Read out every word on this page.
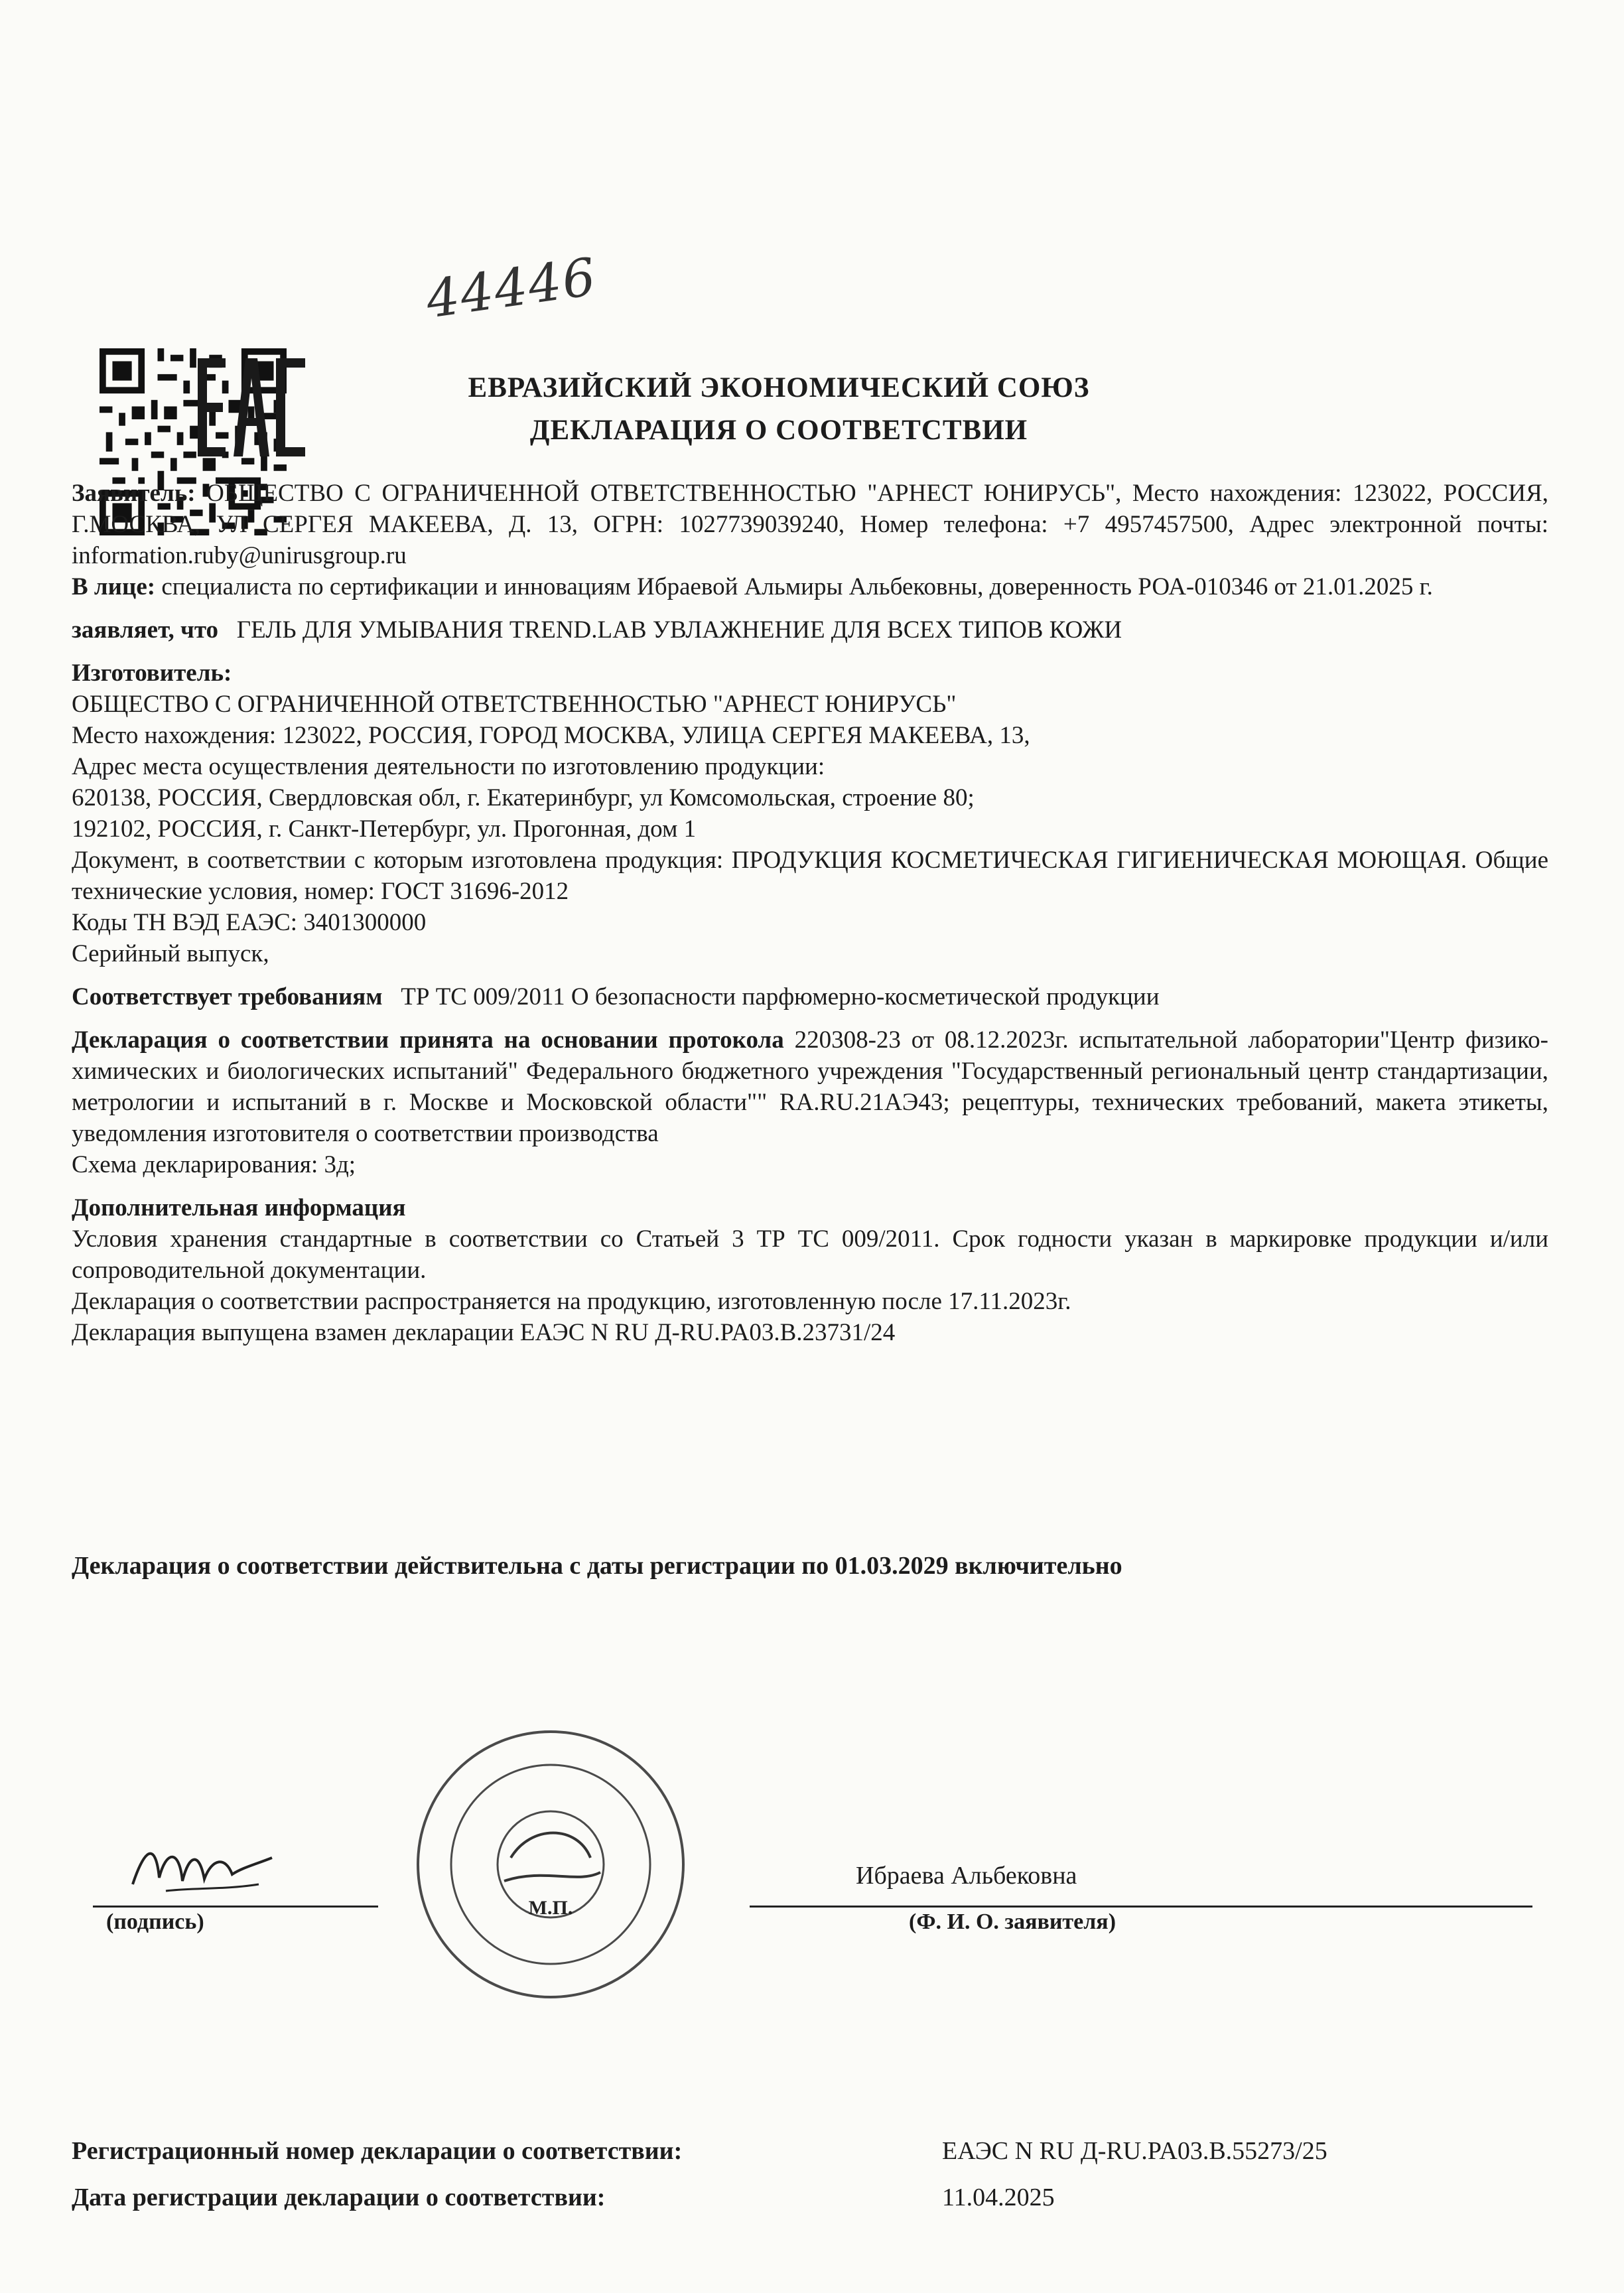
44446
ЕВРАЗИЙСКИЙ ЭКОНОМИЧЕСКИЙ СОЮЗ
ДЕКЛАРАЦИЯ О СООТВЕТСТВИИ

Заявитель: ОБЩЕСТВО С ОГРАНИЧЕННОЙ ОТВЕТСТВЕННОСТЬЮ "АРНЕСТ ЮНИРУСЬ", Место нахождения: 123022, РОССИЯ, Г.МОСКВА, УЛ СЕРГЕЯ МАКЕЕВА, Д. 13, ОГРН: 1027739039240, Номер телефона: +7 4957457500, Адрес электронной почты: information.ruby@unirusgroup.ru

В лице: специалиста по сертификации и инновациям Ибраевой Альмиры Альбековны, доверенность РОА-010346 от 21.01.2025 г.

заявляет, что ГЕЛЬ ДЛЯ УМЫВАНИЯ TREND.LAB УВЛАЖНЕНИЕ ДЛЯ ВСЕХ ТИПОВ КОЖИ

Изготовитель:

ОБЩЕСТВО С ОГРАНИЧЕННОЙ ОТВЕТСТВЕННОСТЬЮ "АРНЕСТ ЮНИРУСЬ"

Место нахождения: 123022, РОССИЯ, ГОРОД МОСКВА, УЛИЦА СЕРГЕЯ МАКЕЕВА, 13,

Адрес места осуществления деятельности по изготовлению продукции:

620138, РОССИЯ, Свердловская обл, г. Екатеринбург, ул Комсомольская, строение 80;

192102, РОССИЯ, г. Санкт-Петербург, ул. Прогонная, дом 1

Документ, в соответствии с которым изготовлена продукция: ПРОДУКЦИЯ КОСМЕТИЧЕСКАЯ ГИГИЕНИЧЕСКАЯ МОЮЩАЯ. Общие технические условия, номер: ГОСТ 31696-2012

Коды ТН ВЭД ЕАЭС: 3401300000

Серийный выпуск,

Соответствует требованиям ТР ТС 009/2011 О безопасности парфюмерно-косметической продукции

Декларация о соответствии принята на основании протокола 220308-23 от 08.12.2023г. испытательной лаборатории"Центр физико-химических и биологических испытаний" Федерального бюджетного учреждения "Государственный региональный центр стандартизации, метрологии и испытаний в г. Москве и Московской области"" RA.RU.21AЭ43; рецептуры, технических требований, макета этикеты, уведомления изготовителя о соответствии производства

Схема декларирования: 3д;

Дополнительная информация

Условия хранения стандартные в соответствии со Статьей 3 ТР ТС 009/2011. Срок годности указан в маркировке продукции и/или сопроводительной документации.

Декларация о соответствии распространяется на продукцию, изготовленную после 17.11.2023г.

Декларация выпущена взамен декларации ЕАЭС N RU Д-RU.PA03.B.23731/24

Декларация о соответствии действительна с даты регистрации по 01.03.2029 включительно
М.П.
(подпись)
Ибраева Альбековна
(Ф. И. О. заявителя)
Регистрационный номер декларации о соответствии:	ЕАЭС N RU Д-RU.PA03.B.55273/25
Дата регистрации декларации о соответствии:	11.04.2025
